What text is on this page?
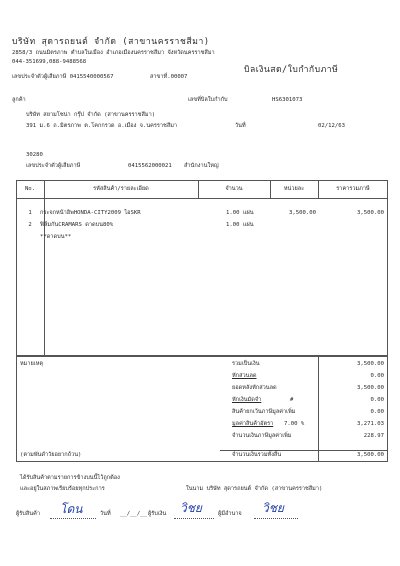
บริษัท สุดารถยนต์ จำกัด (สาขานครราชสีมา)
2858/3 ถนนมิตรภาพ ตำบลในเมือง อำเภอเมืองนครราชสีมา จังหวัดนครราชสีมา
044-351699,088-9488568
บิลเงินสด/ใบกำกับภาษี
เลขประจำตัวผู้เสียภาษี 0415540000567	สาขาที่.00007
ลูกค้า	เลขที่บิลใบกำกับ	HS6301073
บริษัท สยามโซน่า กรุ๊ป จำกัด (สาขานครราชสีมา)
391 ม.6 ถ.มิตรภาพ ต.โคกกรวด อ.เมือง จ.นครราชสีมา	วันที่	02/12/63
30280
เลขประจำตัวผู้เสียภาษี	0415562000021 สำนักงานใหญ่
No.	รหัสสินค้า/รายละเอียด	จำนวน	หน่วยละ	ราคารวมภาษี
1	กระจกหน้าฮิพHONDA-CITY2009 ไอSKR	1.00 แผ่น	3,500.00	3,500.00
2	ฟิล์มกันCRAMARS ดาดบน80%	1.00 แผ่น
**ดาดบน**
หมายเหตุ
(ตามพันดำวัยอยากถ้วน)
รวมเป็นเงิน	3,500.00
หักส่วนลด	0.00
ยอดหลังหักส่วนลด	3,500.00
หักเงินมัดจำ	#	0.00
สินค้ายกเว้นภาษีมูลค่าเพิ่ม	0.00
มูลค่าสินค้าอัตรา 7.00 %	3,271.03
จำนวนเงินภาษีมูลค่าเพิ่ม	228.97
จำนวนเงินรวมทั้งสิ้น	3,500.00
ได้รับสินค้าตามรายการข้างบนนี้ไว้ถูกต้อง
และอยู่ในสภาพเรียบร้อยทุกประการ	ในนาม บริษัท สุดารถยนต์ จำกัด (สาขานครราชสีมา)
ผู้รับสินค้า โดน	วันที่ __/__/__ ผู้รับเงิน วิชย	ผู้มีอำนาจ วิชย
